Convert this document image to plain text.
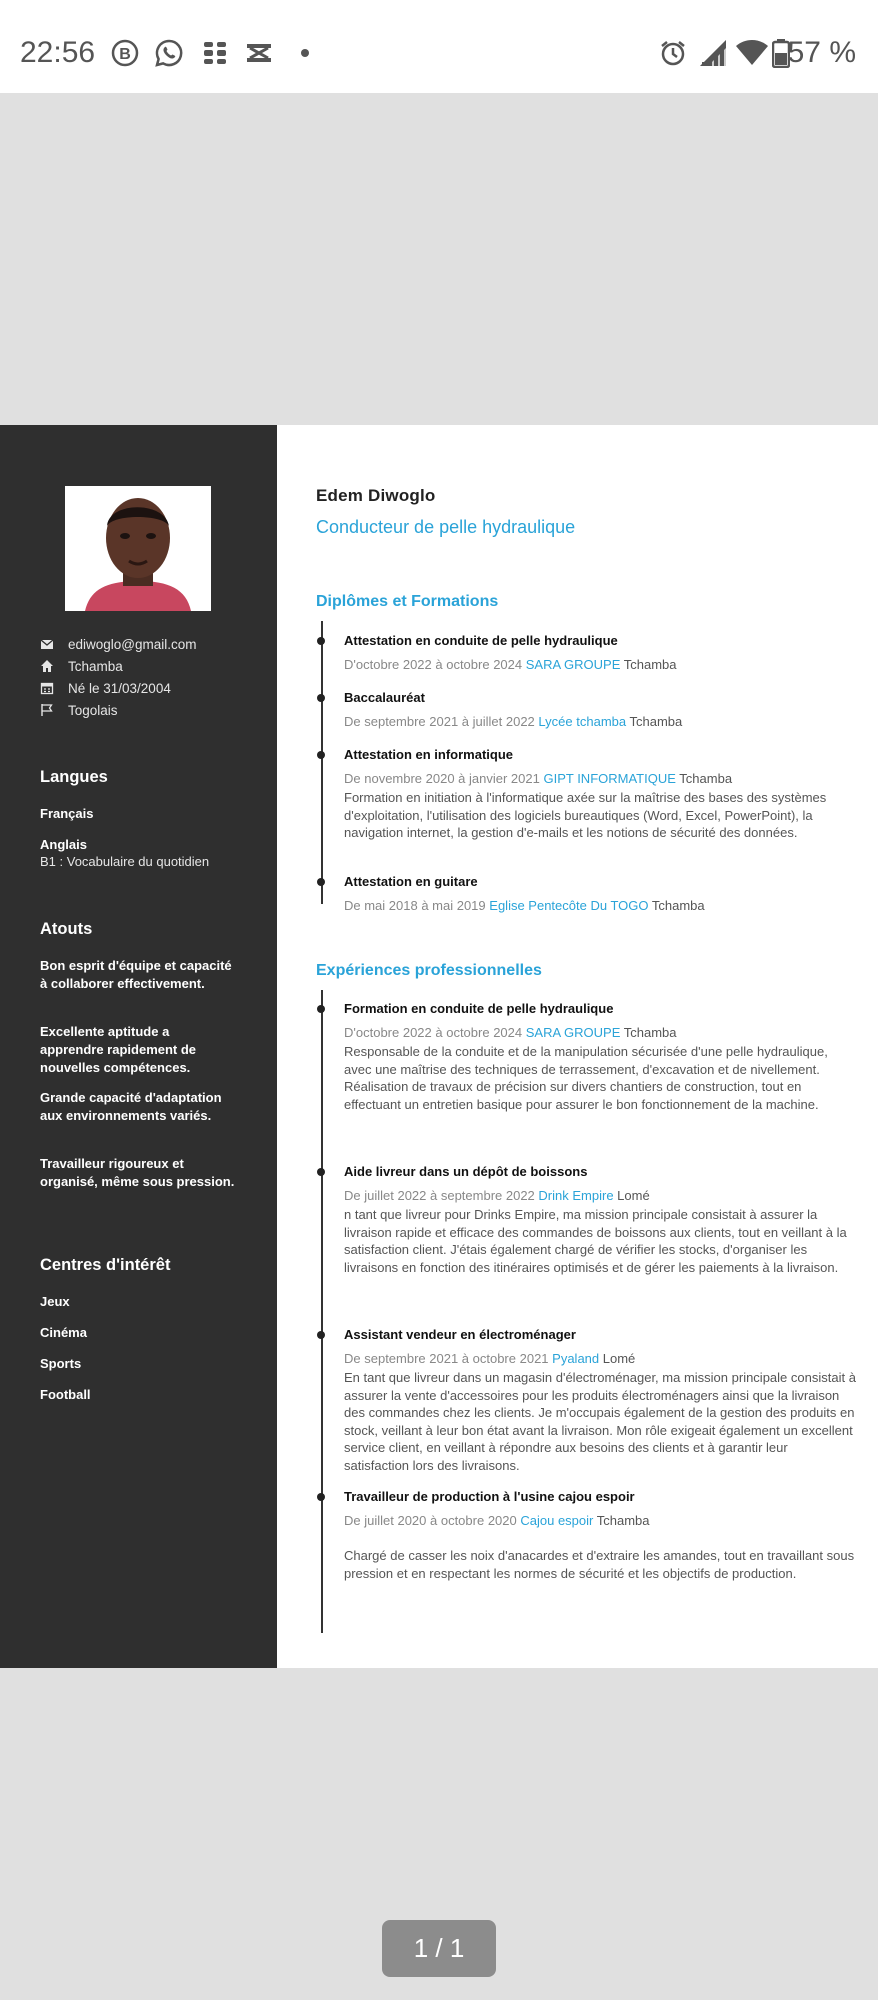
22:56 B	57 %
ediwoglo@gmail.com
Tchamba
Né le 31/03/2004
Togolais
Langues
Français
Anglais
B1 : Vocabulaire du quotidien
Atouts
Bon esprit d'équipe et capacité à collaborer effectivement.
Excellente aptitude a apprendre rapidement de nouvelles compétences.
Grande capacité d'adaptation aux environnements variés.
Travailleur rigoureux et organisé, même sous pression.
Centres d'intérêt
Jeux
Cinéma
Sports
Football
Edem Diwoglo
Conducteur de pelle hydraulique
Diplômes et Formations
Attestation en conduite de pelle hydraulique
D'octobre 2022 à octobre 2024 SARA GROUPE Tchamba
Baccalauréat
De septembre 2021 à juillet 2022 Lycée tchamba Tchamba
Attestation en informatique
De novembre 2020 à janvier 2021 GIPT INFORMATIQUE Tchamba
Formation en initiation à l'informatique axée sur la maîtrise des bases des systèmes d'exploitation, l'utilisation des logiciels bureautiques (Word, Excel, PowerPoint), la navigation internet, la gestion d'e-mails et les notions de sécurité des données.
Attestation en guitare
De mai 2018 à mai 2019 Eglise Pentecôte Du TOGO Tchamba
Expériences professionnelles
Formation en conduite de pelle hydraulique
D'octobre 2022 à octobre 2024 SARA GROUPE Tchamba
Responsable de la conduite et de la manipulation sécurisée d'une pelle hydraulique, avec une maîtrise des techniques de terrassement, d'excavation et de nivellement. Réalisation de travaux de précision sur divers chantiers de construction, tout en effectuant un entretien basique pour assurer le bon fonctionnement de la machine.
Aide livreur dans un dépôt de boissons
De juillet 2022 à septembre 2022 Drink Empire Lomé
n tant que livreur pour Drinks Empire, ma mission principale consistait à assurer la livraison rapide et efficace des commandes de boissons aux clients, tout en veillant à la satisfaction client. J'étais également chargé de vérifier les stocks, d'organiser les livraisons en fonction des itinéraires optimisés et de gérer les paiements à la livraison.
Assistant vendeur en électroménager
De septembre 2021 à octobre 2021 Pyaland Lomé
En tant que livreur dans un magasin d'électroménager, ma mission principale consistait à assurer la vente d'accessoires pour les produits électroménagers ainsi que la livraison des commandes chez les clients. Je m'occupais également de la gestion des produits en stock, veillant à leur bon état avant la livraison. Mon rôle exigeait également un excellent service client, en veillant à répondre aux besoins des clients et à garantir leur satisfaction lors des livraisons.
Travailleur de production à l'usine cajou espoir
De juillet 2020 à octobre 2020 Cajou espoir Tchamba
Chargé de casser les noix d'anacardes et d'extraire les amandes, tout en travaillant sous pression et en respectant les normes de sécurité et les objectifs de production.
1 / 1
